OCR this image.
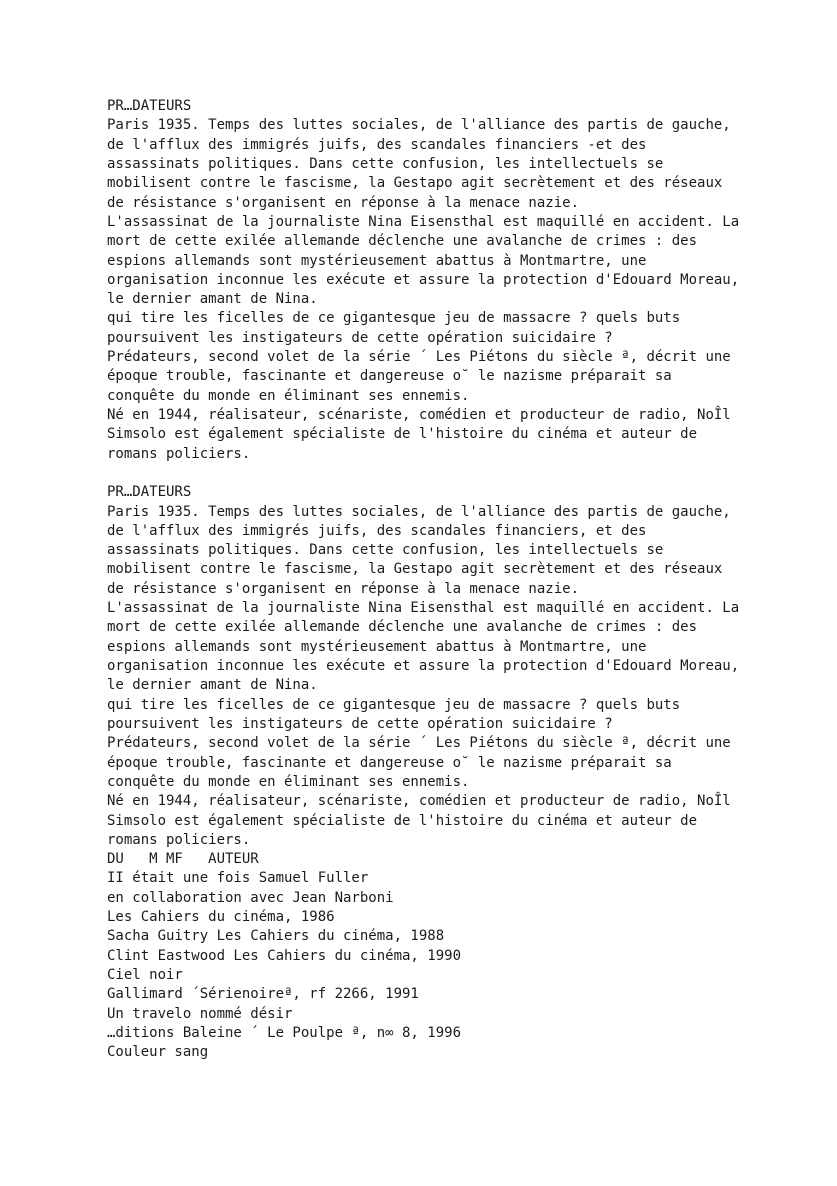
PR…DATEURS
Paris 1935. Temps des luttes sociales, de l'alliance des partis de gauche,
de l'afflux des immigrés juifs, des scandales financiers -et des
assassinats politiques. Dans cette confusion, les intellectuels se
mobilisent contre le fascisme, la Gestapo agit secrètement et des réseaux
de résistance s'organisent en réponse à la menace nazie.
L'assassinat de la journaliste Nina Eisensthal est maquillé en accident. La
mort de cette exilée allemande déclenche une avalanche de crimes : des
espions allemands sont mystérieusement abattus à Montmartre, une
organisation inconnue les exécute et assure la protection d'Edouard Moreau,
le dernier amant de Nina.
qui tire les ficelles de ce gigantesque jeu de massacre ? quels buts
poursuivent les instigateurs de cette opération suicidaire ?
Prédateurs, second volet de la série ´ Les Piétons du siècle ª, décrit une
époque trouble, fascinante et dangereuse o˘ le nazisme préparait sa
conquête du monde en éliminant ses ennemis.
Né en 1944, réalisateur, scénariste, comédien et producteur de radio, NoÎl
Simsolo est également spécialiste de l'histoire du cinéma et auteur de
romans policiers.
PR…DATEURS
Paris 1935. Temps des luttes sociales, de l'alliance des partis de gauche,
de l'afflux des immigrés juifs, des scandales financiers, et des
assassinats politiques. Dans cette confusion, les intellectuels se
mobilisent contre le fascisme, la Gestapo agit secrètement et des réseaux
de résistance s'organisent en réponse à la menace nazie.
L'assassinat de la journaliste Nina Eisensthal est maquillé en accident. La
mort de cette exilée allemande déclenche une avalanche de crimes : des
espions allemands sont mystérieusement abattus à Montmartre, une
organisation inconnue les exécute et assure la protection d'Edouard Moreau,
le dernier amant de Nina.
qui tire les ficelles de ce gigantesque jeu de massacre ? quels buts
poursuivent les instigateurs de cette opération suicidaire ?
Prédateurs, second volet de la série ´ Les Piétons du siècle ª, décrit une
époque trouble, fascinante et dangereuse o˘ le nazisme préparait sa
conquête du monde en éliminant ses ennemis.
Né en 1944, réalisateur, scénariste, comédien et producteur de radio, NoÎl
Simsolo est également spécialiste de l'histoire du cinéma et auteur de
romans policiers.
DU   M MF   AUTEUR
II était une fois Samuel Fuller
en collaboration avec Jean Narboni
Les Cahiers du cinéma, 1986
Sacha Guitry Les Cahiers du cinéma, 1988
Clint Eastwood Les Cahiers du cinéma, 1990
Ciel noir
Gallimard ´Sérienoireª, rf 2266, 1991
Un travelo nommé désir
…ditions Baleine ´ Le Poulpe ª, n∞ 8, 1996
Couleur sang
